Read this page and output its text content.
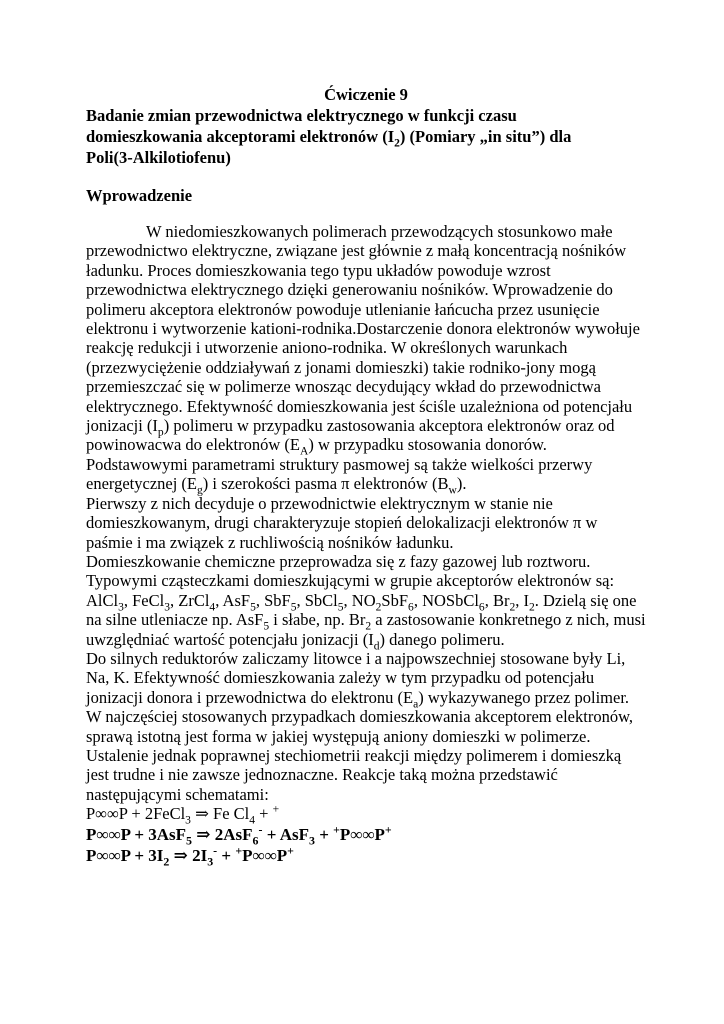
Ćwiczenie 9

Badanie zmian przewodnictwa elektrycznego w funkcji czasu

domieszkowania akceptorami elektronów $(I_2)$ (Pomiary „in situ”) dla

Poli(3-Alkilotiofenu)

Wprowadzenie

W niedomieszkowanych polimerach przewodzących stosunkowo małe przewodnictwo elektryczne, związane jest głównie z małą koncentracją nośników ładunku. Proces domieszkowania tego typu układów powoduje wzrost przewodnictwa elektrycznego dzięki generowaniu nośników. Wprowadzenie do polimeru akceptora elektronów powoduje utlenianie łańcucha przez usunięcie elektronu i wytworzenie kationi-rodnika.Dostarczenie donora elektronów wywołuje reakcję redukcji i utworzenie aniono-rodnika. W określonych warunkach (przezwyciężenie oddziaływań z jonami domieszki) takie rodniko-jony mogą przemieszczać się w polimerze wnosząc decydujący wkład do przewodnictwa elektrycznego. Efektywność domieszkowania jest ściśle uzależniona od potencjału jonizacji $(I_p)$ polimeru w przypadku zastosowania akceptora elektronów oraz od powinowacwa do elektronów $(E_A)$ w przypadku stosowania donorów.

Podstawowymi parametrami struktury pasmowej są także wielkości przerwy energetycznej $(E_g)$ i szerokości pasma π elektronów $(B_w)$.

Pierwszy z nich decyduje o przewodnictwie elektrycznym w stanie nie domieszkowanym, drugi charakteryzuje stopień delokalizacji elektronów π w paśmie i ma związek z ruchliwością nośników ładunku.

Domieszkowanie chemiczne przeprowadza się z fazy gazowej lub roztworu. Typowymi cząsteczkami domieszkującymi w grupie akceptorów elektronów są: AlCl$_3$, FeCl$_3$, ZrCl$_4$, AsF$_5$, SbF$_5$, SbCl$_5$, $NO_2SbF_6$, NOSbCl$_6$, $Br_2$, $I_2$. Dzielą się one na silne utleniacze np. AsF$_5$ i słabe, np. $Br_2$ a zastosowanie konkretnego z nich, musi uwzględniać wartość potencjału jonizacji $(I_d)$ danego polimeru.

Do silnych reduktorów zaliczamy litowce i a najpowszechniej stosowane były Li, Na, K. Efektywność domieszkowania zależy w tym przypadku od potencjału jonizacji donora i przewodnictwa do elektronu $(E_a)$ wykazywanego przez polimer.

W najczęściej stosowanych przypadkach domieszkowania akceptorem elektronów, sprawą istotną jest forma w jakiej występują aniony domieszki w polimerze.

Ustalenie jednak poprawnej stechiometrii reakcji między polimerem i domieszką jest trudne i nie zawsze jednoznaczne. Reakcje taką można przedstawić następującymi schematami:

P∞∞P + 2FeCl$_3$ ⇒ Fe $Cl_4 + ^+$

P∞∞P + 3AsF$_5$ ⇒ 2AsF$_6$- + AsF$_3$ + +P∞∞P+

$P\infty\infty P + 3I_2$ ⇒ $2I_3^- + ^+P\infty\infty P^+$
